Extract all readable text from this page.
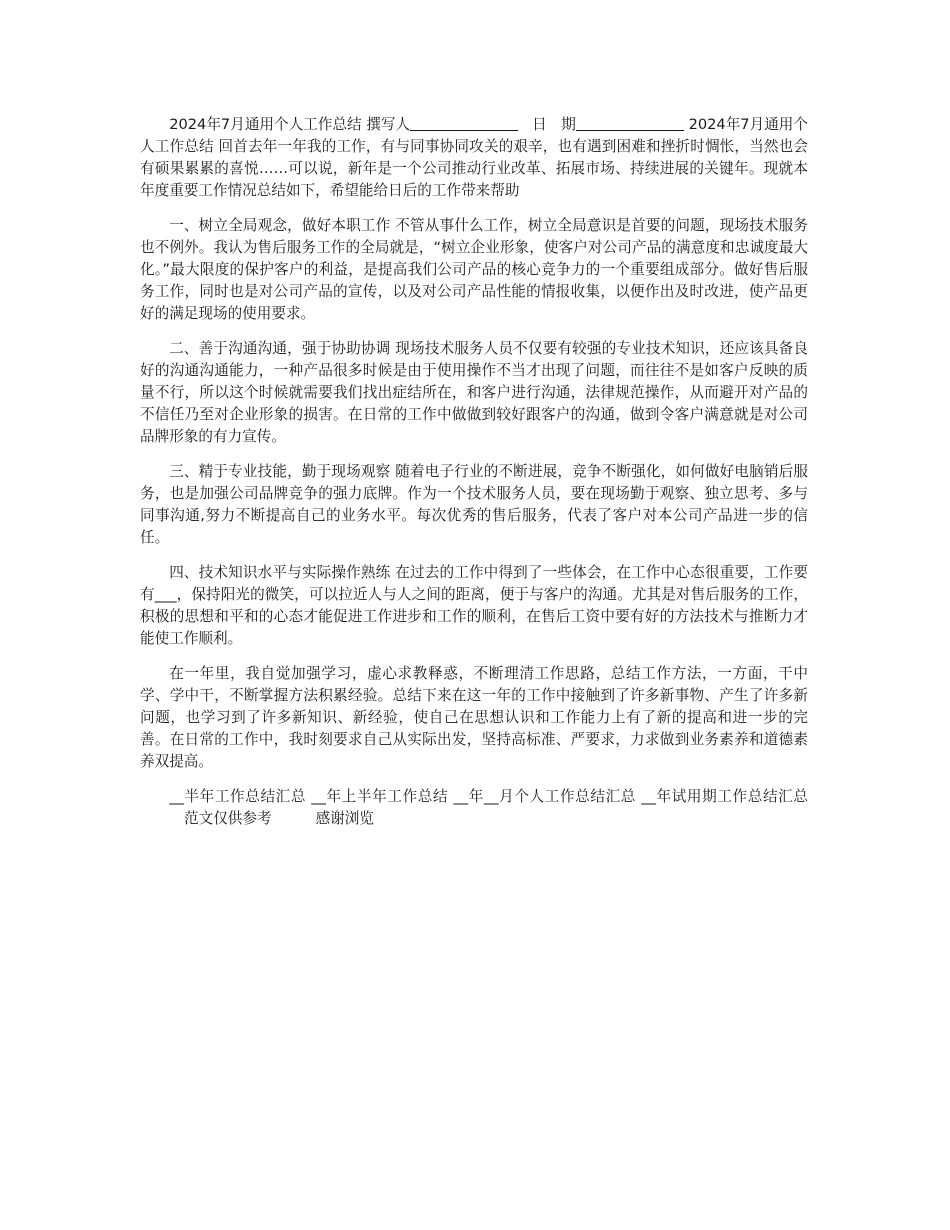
2024年7月通用个人工作总结 撰写人	日　期	2024年7月通用个人工作总结 回首去年一年我的工作，有与同事协同攻关的艰辛，也有遇到困难和挫折时惆怅，当然也会有硕果累累的喜悦……可以说，新年是一个公司推动行业改革、拓展市场、持续进展的关键年。现就本年度重要工作情况总结如下，希望能给日后的工作带来帮助

一、树立全局观念，做好本职工作 不管从事什么工作，树立全局意识是首要的问题，现场技术服务也不例外。我认为售后服务工作的全局就是，“树立企业形象，使客户对公司产品的满意度和忠诚度最大化。”最大限度的保护客户的利益，是提高我们公司产品的核心竞争力的一个重要组成部分。做好售后服务工作，同时也是对公司产品的宣传，以及对公司产品性能的情报收集，以便作出及时改进，使产品更好的满足现场的使用要求。

二、善于沟通沟通，强于协助协调 现场技术服务人员不仅要有较强的专业技术知识，还应该具备良好的沟通沟通能力，一种产品很多时候是由于使用操作不当才出现了问题，而往往不是如客户反映的质量不行，所以这个时候就需要我们找出症结所在，和客户进行沟通，法律规范操作，从而避开对产品的不信任乃至对企业形象的损害。在日常的工作中做做到较好跟客户的沟通，做到令客户满意就是对公司品牌形象的有力宣传。

三、精于专业技能，勤于现场观察 随着电子行业的不断进展，竞争不断强化，如何做好电脑销后服务，也是加强公司品牌竞争的强力底牌。作为一个技术服务人员，要在现场勤于观察、独立思考、多与同事沟通,努力不断提高自己的业务水平。每次优秀的售后服务，代表了客户对本公司产品进一步的信任。

四、技术知识水平与实际操作熟练 在过去的工作中得到了一些体会，在工作中心态很重要，工作要有___，保持阳光的微笑，可以拉近人与人之间的距离，便于与客户的沟通。尤其是对售后服务的工作，积极的思想和平和的心态才能促进工作进步和工作的顺利，在售后工资中要有好的方法技术与推断力才能使工作顺利。

在一年里，我自觉加强学习，虚心求教释惑，不断理清工作思路，总结工作方法，一方面，干中学、学中干，不断掌握方法积累经验。总结下来在这一年的工作中接触到了许多新事物、产生了许多新问题，也学习到了许多新知识、新经验，使自己在思想认识和工作能力上有了新的提高和进一步的完善。在日常的工作中，我时刻要求自己从实际出发，坚持高标准、严要求，力求做到业务素养和道德素养双提高。

__半年工作总结汇总 __年上半年工作总结 __年__月个人工作总结汇总 __年试用期工作总结汇总范文仅供参考	感谢浏览
